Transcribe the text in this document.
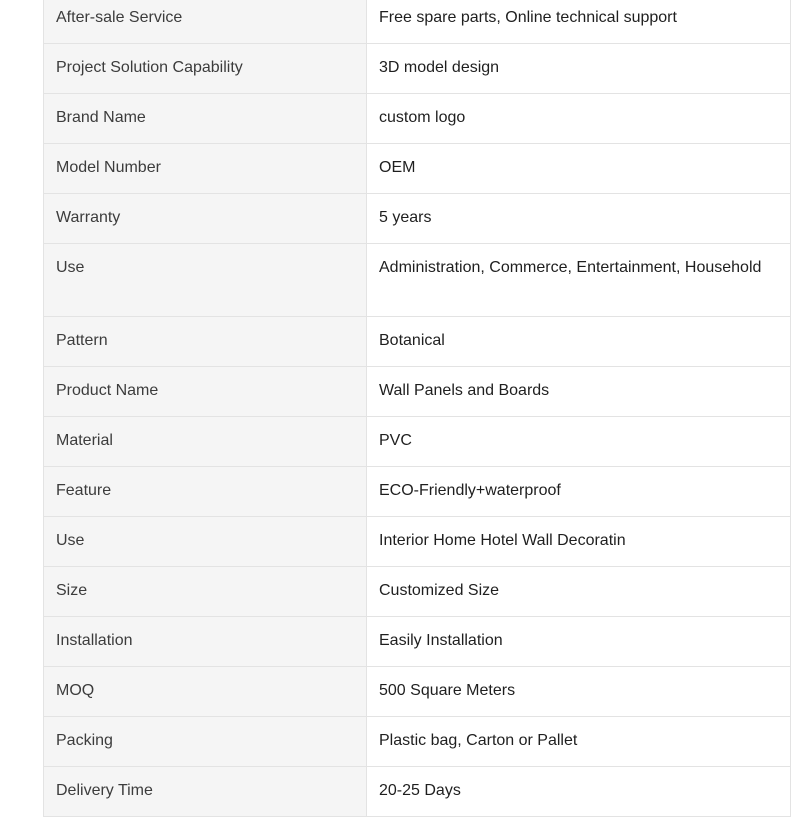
After-sale Service	Free spare parts, Online technical support
Project Solution Capability	3D model design
Brand Name	custom logo
Model Number	OEM
Warranty	5 years
Use	Administration, Commerce, Entertainment, Household
Pattern	Botanical
Product Name	Wall Panels and Boards
Material	PVC
Feature	ECO-Friendly+waterproof
Use	Interior Home Hotel Wall Decoratin
Size	Customized Size
Installation	Easily Installation
MOQ	500 Square Meters
Packing	Plastic bag, Carton or Pallet
Delivery Time	20-25 Days
